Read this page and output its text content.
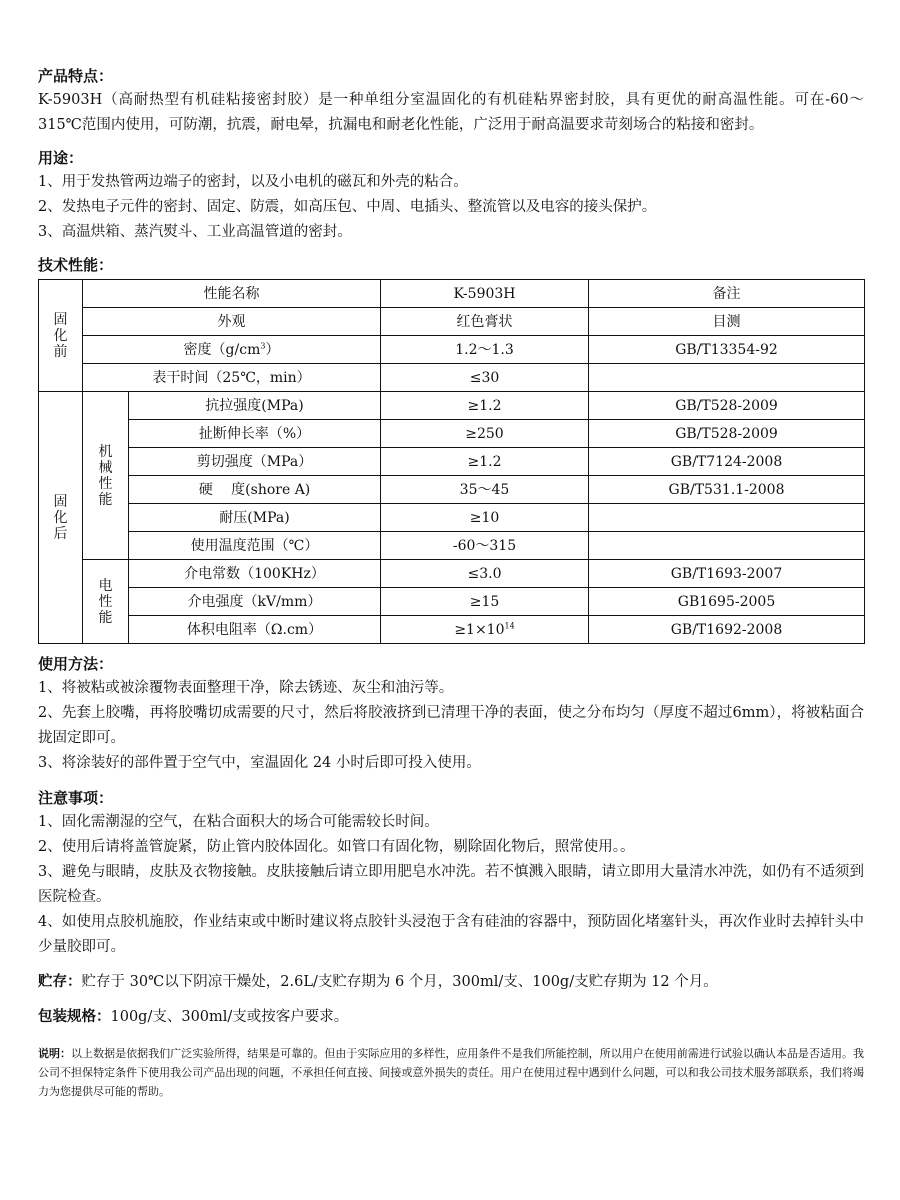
产品特点：

K-5903H（高耐热型有机硅粘接密封胶）是一种单组分室温固化的有机硅粘界密封胶，具有更优的耐高温性能。可在-60～315℃范围内使用，可防潮，抗震，耐电晕，抗漏电和耐老化性能，广泛用于耐高温要求苛刻场合的粘接和密封。

用途：

1、用于发热管两边端子的密封，以及小电机的磁瓦和外壳的粘合。

2、发热电子元件的密封、固定、防震，如高压包、中周、电插头、整流管以及电容的接头保护。

3、高温烘箱、蒸汽熨斗、工业高温管道的密封。

技术性能：
固
化
前	性能名称		K-5903H	备注
	外观		红色膏状	目测
	密度$(g/cm^3)$		1.2～1.3	GB/T13354-92
	表干时间（25℃，min）		≤30	

固
化
后	机
械
性
能	抗拉强度(MPa)	≥1.2	GB/T528-2009
		扯断伸长率（%）	≥250	GB/T528-2009
		剪切强度（MPa）	≥1.2	GB/T7124-2008
		硬　 度(shore A)	35～45	GB/T531.1-2008
		耐压(MPa)	≥10	
		使用温度范围（℃）	-60～315	

	电
性
能	介电常数（100KHz）	≤3.0	GB/T1693-2007
		介电强度（kV/mm）	≥15	GB1695-2005
		体积电阻率（Ω.cm）	$\ge 1\times 10^{14}$	GB/T1692-2008
使用方法：

1、将被粘或被涂覆物表面整理干净，除去锈迹、灰尘和油污等。

2、先套上胶嘴，再将胶嘴切成需要的尺寸，然后将胶液挤到已清理干净的表面，使之分布均匀（厚度不超过6mm），将被粘面合拢固定即可。

3、将涂装好的部件置于空气中，室温固化 24 小时后即可投入使用。

注意事项：

1、固化需潮湿的空气，在粘合面积大的场合可能需较长时间。

2、使用后请将盖管旋紧，防止管内胶体固化。如管口有固化物，剔除固化物后，照常使用。。

3、避免与眼睛，皮肤及衣物接触。皮肤接触后请立即用肥皂水冲洗。若不慎溅入眼睛，请立即用大量清水冲洗，如仍有不适须到医院检查。

4、如使用点胶机施胶，作业结束或中断时建议将点胶针头浸泡于含有硅油的容器中，预防固化堵塞针头，再次作业时去掉针头中少量胶即可。

贮存：贮存于 30℃以下阴凉干燥处，2.6L/支贮存期为 6 个月，300ml/支、100g/支贮存期为 12 个月。

包装规格：100g/支、300ml/支或按客户要求。

说明：以上数据是依据我们广泛实验所得，结果是可靠的。但由于实际应用的多样性，应用条件不是我们所能控制，所以用户在使用前需进行试验以确认本品是否适用。我公司不担保特定条件下使用我公司产品出现的问题，不承担任何直接、间接或意外损失的责任。用户在使用过程中遇到什么问题，可以和我公司技术服务部联系，我们将竭力为您提供尽可能的帮助。
